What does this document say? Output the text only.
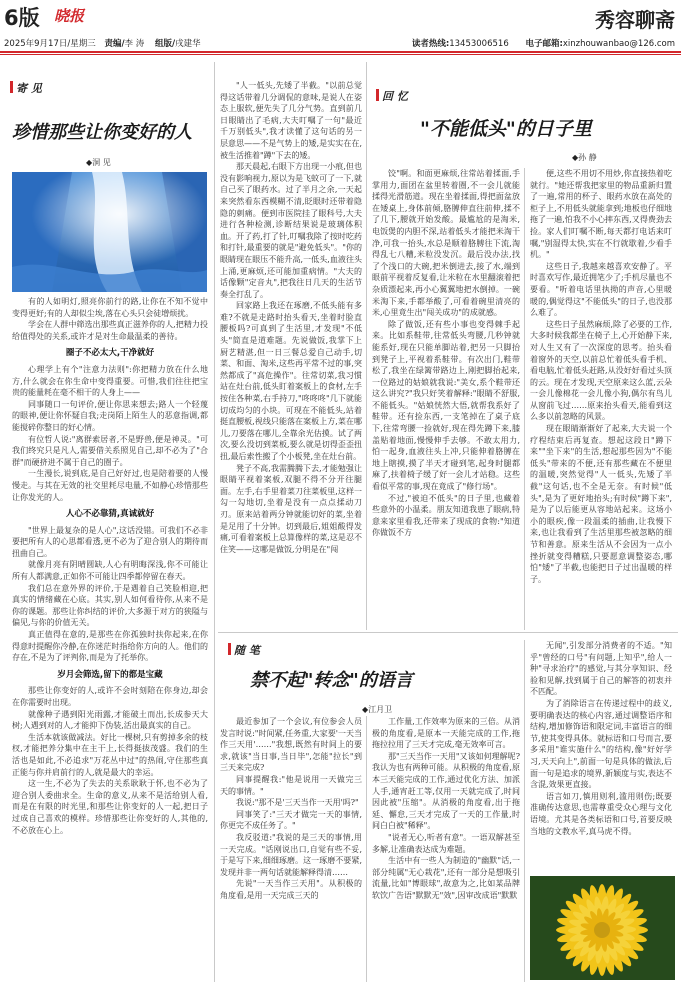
6版 晓报	秀容聊斋
2025年9月17日/星期三 责编/李 涛 组版/戌建华	读者热线:13453006516 电子邮箱:xinzhouwanbao@126.com
寄 见
珍惜那些让你变好的人
◆洞 见

有的人如明灯,照亮你前行的路,让你在不知不觉中变得更好;有的人却似尘埃,落在心头只会徒增烦扰。

学会在人群中筛选出那些真正滋养你的人,把精力投给值得处的关系,或许才是对生命最温柔的善待。

圈子不必太大,干净就好

心理学上有个"注意力法则":你把精力放在什么地方,什么就会在你生命中变得重要。可惜,我们往往把宝贵的能量耗在毫不相干的人身上——

同事随口一句评价,便让你思来想去;路人一个轻蔑的眼神,便让你怀疑自我;走岗陌上陌生人的恶意指调,都能搅碎你整日的好心情。

有位哲人说:"离群索居者,不是野兽,便是神灵。"可我们终究只是凡人,需要借关系照见自己,却不必为了"合群"而硬挤进不属于自己的圈子。

一生漫长,说到底,是自己好好过,也是陪着要的人慢慢走。与其在无效的社交里耗尽电量,不如静心珍惜那些让你发光的人。

人心不必靠猜,真诚就好

"世界上最复杂的是人心",这话没错。可我们不必非要把所有人的心思都看透,更不必为了迎合别人的期待而扭曲自己。

就像月亮有阴晴圆缺,人心有明晦深浅,你不可能让所有人都满意,正如你不可能让四季都停留在春天。

我们总在意外界的评价,于是遇着自己笑脸相迎,把真实的情绪藏在心底。其实,别人如何看待你,从来不是你的课题。那些让你纠结的评价,大多源于对方的狭隘与偏见,与你的价值无关。

真正值得在意的,是那些在你孤独时扶你起来,在你得意时提醒你冷静,在你迷茫时指给你方向的人。他们的存在,不是为了评判你,而是为了托举你。

岁月会筛选,留下的都是宝藏

那些让你变好的人,或许不会时刻陪在你身边,却会在你需要时出现。

就像种子遇到阳光雨露,才能破土而出,长成参天大树;人遇到对的人,才能抑下伪装,活出最真实的自己。

生活本就该做减法。好比一棵树,只有剪掉多余的枝杈,才能把养分集中在主干上,长得挺拔茂盛。我们的生活也是如此,不必追求"万花丛中过"的热闹,守住那些真正能与你并肩前行的人,就是最大的幸运。

这一生,不必为了失去的关系耿耿于怀,也不必为了迎合别人委曲求全。生命的意义,从来不是活给别人看,而是在有限的时光里,和那些让你变好的人一起,把日子过成自己喜欢的模样。珍惜那些让你变好的人,其他的,不必放在心上。

"人一低头,先矮了半截。"以前总觉得这话带着几分调侃的意味,是说人在姿态上服软,便先失了几分气势。直到前几日眼睛出了毛病,大夫叮嘱了一句"最近千万别低头",我才读懂了这句话的另一层意思——不是气势上的矮,是实实在在,被生活推着"蹲"下去的矮。

那天晨起,右眼下方出现一小痕,但也没有影响视力,原以为是飞蚊可了一下,就自己买了眼药水。过了半月之余,一天起来突然看东西模糊不清,眨眼时还带着隐隐的刺痛。便到市医院挂了眼科号,大夫进行各种检测,诊断结果说是玻璃体积血。开了药,打了针,叮嘱我除了按时吃药和打针,最重要的就是"避免低头"。"你的眼睛现在眼压不能升高,一低头,血液往头上涌,更麻烦,还可能加重病情。"大夫的话像颗"定音丸",把我往日几天的生活节奏全打乱了。

回家路上我还在琢磨,不低头能有多难?不就是走路时抬头看天,坐着时脸直腰板吗?可真到了生活里,才发现"不低头"简直是道难题。先说做饭,我掌下上厨艺精湛,但一日三餐总爱自己动手,切菜、和面、淘米,这些再平常不过的事,突然都成了"高危操作"。往常切菜,我习惯站在灶台前,低头盯着案板上的食材,左手按住各种菜,右手持刀,"咚咚咚"几下就能切成均匀的小块。可现在不能低头,站着挺直腰板,视线只能落在案板上方,菜在哪儿,刀要落在哪儿,全靠余光估摸。试了两次,要么没切到菜板,要么就是切得歪歪扭扭,最后索性搬了个小板凳,坐在灶台前。

凳子不高,我需腾腾下去,才能勉强让眼睛平视着案板,双腿不得不分开往腿面。左手,右手里着菜刀往菜板里,这样一勾一勾地切,坐着是没有一点点揉动刀刃。原来站着两分钟就能切好的菜,坐着是足用了十分钟。切到最后,姐姐酸得发痛,可看着案板上总算像样的菜,这是忍不住笑——这哪是做饭,分明是在"闯

回 忆
"不能低头"的日子里
◆孙 静

饺"啊。和面更麻烦,往常站着揉面,手掌用力,面团在盆里转着圈,不一会儿就能揉得光滑筋道。现在坐着揉面,得把面盆放在矮桌上,身体前倾,胳膊伸直往前伸,揉不了几下,腰就开始发酸。最尴尬的是淘米,电饭煲的内胆不深,站着低头才能把米淘干净,可我一抬头,水总是顺着胳膊往下流,淘得乱七八糟,米粒没发沉。最后没办法,找了个浅口的大碗,把米倒进去,接了水,端到眼前平视着反复看,让米粒在水里翻滚着把杂质漂起来,再小心翼翼地把水倒掉。一碗米淘下来,手都举酸了,可看着碗里清亮的米,心里竟生出"闯关成功"的成就感。

除了做饭,还有些小事也变得棘手起来。比如系鞋带,往常低头弯腰,几秒钟就能系好,现在只能单脚站着,把另一只脚抬到凳子上,平视着系鞋带。有次出门,鞋带松了,我坐在绿篱带路边上,刚把脚抬起来,一位路过的姑娘就我说:"美女,系个鞋带还这么讲究?"我只好笑着解释:"眼睛不舒服,不能低头。"姑娘恍然大悟,就帮我系好了鞋带。还有捡东西,一支笔掉在了桌子底下,往常弯腰一捡就好,现在得先蹲下来,膝盖贴着地面,慢慢伸手去够。不敢太用力,怕一起身,血液往头上冲,只能伸着胳膊在地上瞎摸,摸了半天才碰到笔,起身时腿都麻了,扶着椅子缓了好一会儿才站稳。这些看似平常的事,现在竟成了"修行场"。

不过,"被迫不低头"的日子里,也藏着些意外的小温柔。朋友知道我患了眼病,特意来家里看我,还带来了现成的食物:"知道你做饭不方

便,这些不用切不用炒,你直接热着吃就行。"她还帮我把家里的物品重新归置了一遍,常用的杯子、眼药水放在高处的柜子上,不用低头就能拿到;地板也仔细地拖了一遍,怕我不小心摔东西,又得费劲去捡。家人们叮嘱不断,每天都打电话来叮嘱,"别湿得太快,实在不行就歇着,少看手机。"

这些日子,我越来越喜欢安静了。平时喜欢写作,最近拥笔少了;手机尽量也不要看。"听着电话里执拗的声音,心里暖暖的,偶觉得这"不能低头"的日子,也没那么难了。

这些日子虽然麻烦,除了必要的工作,大多时候我都坐在椅子上,心开始静下来,对人生又有了一次深度的思考。抬头看着窗外的天空,以前总忙着低头看手机、看电脑,忙着低头赶路,从没好好看过头顶的云。现在才发现,天空原来这么蓝,云朵一会儿像棉花一会儿像小狗,偶尔有鸟儿从窗前飞过……原来抬头看天,能看到这么多以前忽略的风景。

现在眼睛渐渐好了起来,大夫说一个疗程结束后再复查。想起这段日"蹲下来""坐下来"的生活,想起那些因为"不能低头"带来的不便,还有那些藏在不便里的温暖,突然觉得"人一低头,先矮了半截"这句话,也不全是无奈。有时候"低头",是为了更好地抬头;有时候"蹲下来",是为了以后能更从容地站起来。这场小小的眼疾,像一段温柔的插曲,让我慢下来,也让我看到了生活里那些被忽略的细节和善意。原来生活从不会因为一点小挫折就变得糟糕,只要愿意调整姿态,哪怕"矮"了半截,也能把日子过出温暖的样子。

随 笔
禁不起"转念"的语言
◆江月卫

最近参加了一个会议,有位参会人员发言时说:"时间紧,任务重,大家要'一天当作三天用'……"我想,既然有时间上的要求,就该"当日事,当日毕",怎能"拉长"到三天来完成?

同事提醒我:"他是说用一天做完三天的事情。"

我说:"那不是'三天当作一天用'吗?"

同事笑了:"三天才做完一天的事情,你更完不成任务了。"

我反驳道:"我说的是三天的事情,用一天完成。"话刚说出口,自觉有些不妥,于是写下来,细细琢磨。这一琢磨不要紧,发现并非一两句话就能解释得清……

先说"一天当作三天用"。从积极的角度看,是用一天完成三天的

工作量,工作效率为原来的三倍。从消极的角度看,是原本一天能完成的工作,拖拖拉拉用了三天才完成,毫无效率可言。

那"三天当作一天用"又该如何理解呢?我认为也有两种可能。从积极的角度看,原本三天能完成的工作,通过优化方法、加派人手,通宵赶工等,仅用一天就完成了,时间因此被"压缩"。从消极的角度看,出于拖延、懈怠,三天才完成了一天的工作量,时间白白被"稀释"。

"说者无心,听者有意"。一语双解甚至多解,让准确表达成为难题。

生活中有一些人为制造的"幽默"话,一部分纯属"无心栽花",还有一部分是想吸引流量,比如"博眼球",故意为之,比如某品牌软饮广告语"默默无"效",因审改成语"默默

无闻",引发部分消费者的不适。"知乎"曾经的口号"有问题,上知乎",给人一种"寻求治疗"的感觉,与其分享知识、经验和见解,找到属于自己的解答的初衷并不匹配。

为了消除语言在传递过程中的歧义,要明确表达的核心内容,通过调整语序和结构,增加修饰语和限定词,丰富语言的细节,使其变得具体。就标语和口号而言,要多采用"谁实施什么"的结构,像"好好学习,天天向上",前面一句是具体的做法,后面一句是追求的境界,新颖度与实,表达不含混,效果更直接。

语言如刀,慎用则利,滥用则伤;既要准确传达意思,也需尊重受众心理与文化语境。尤其是各类标语和口号,首要反映当地的文教水平,真马虎不得。
